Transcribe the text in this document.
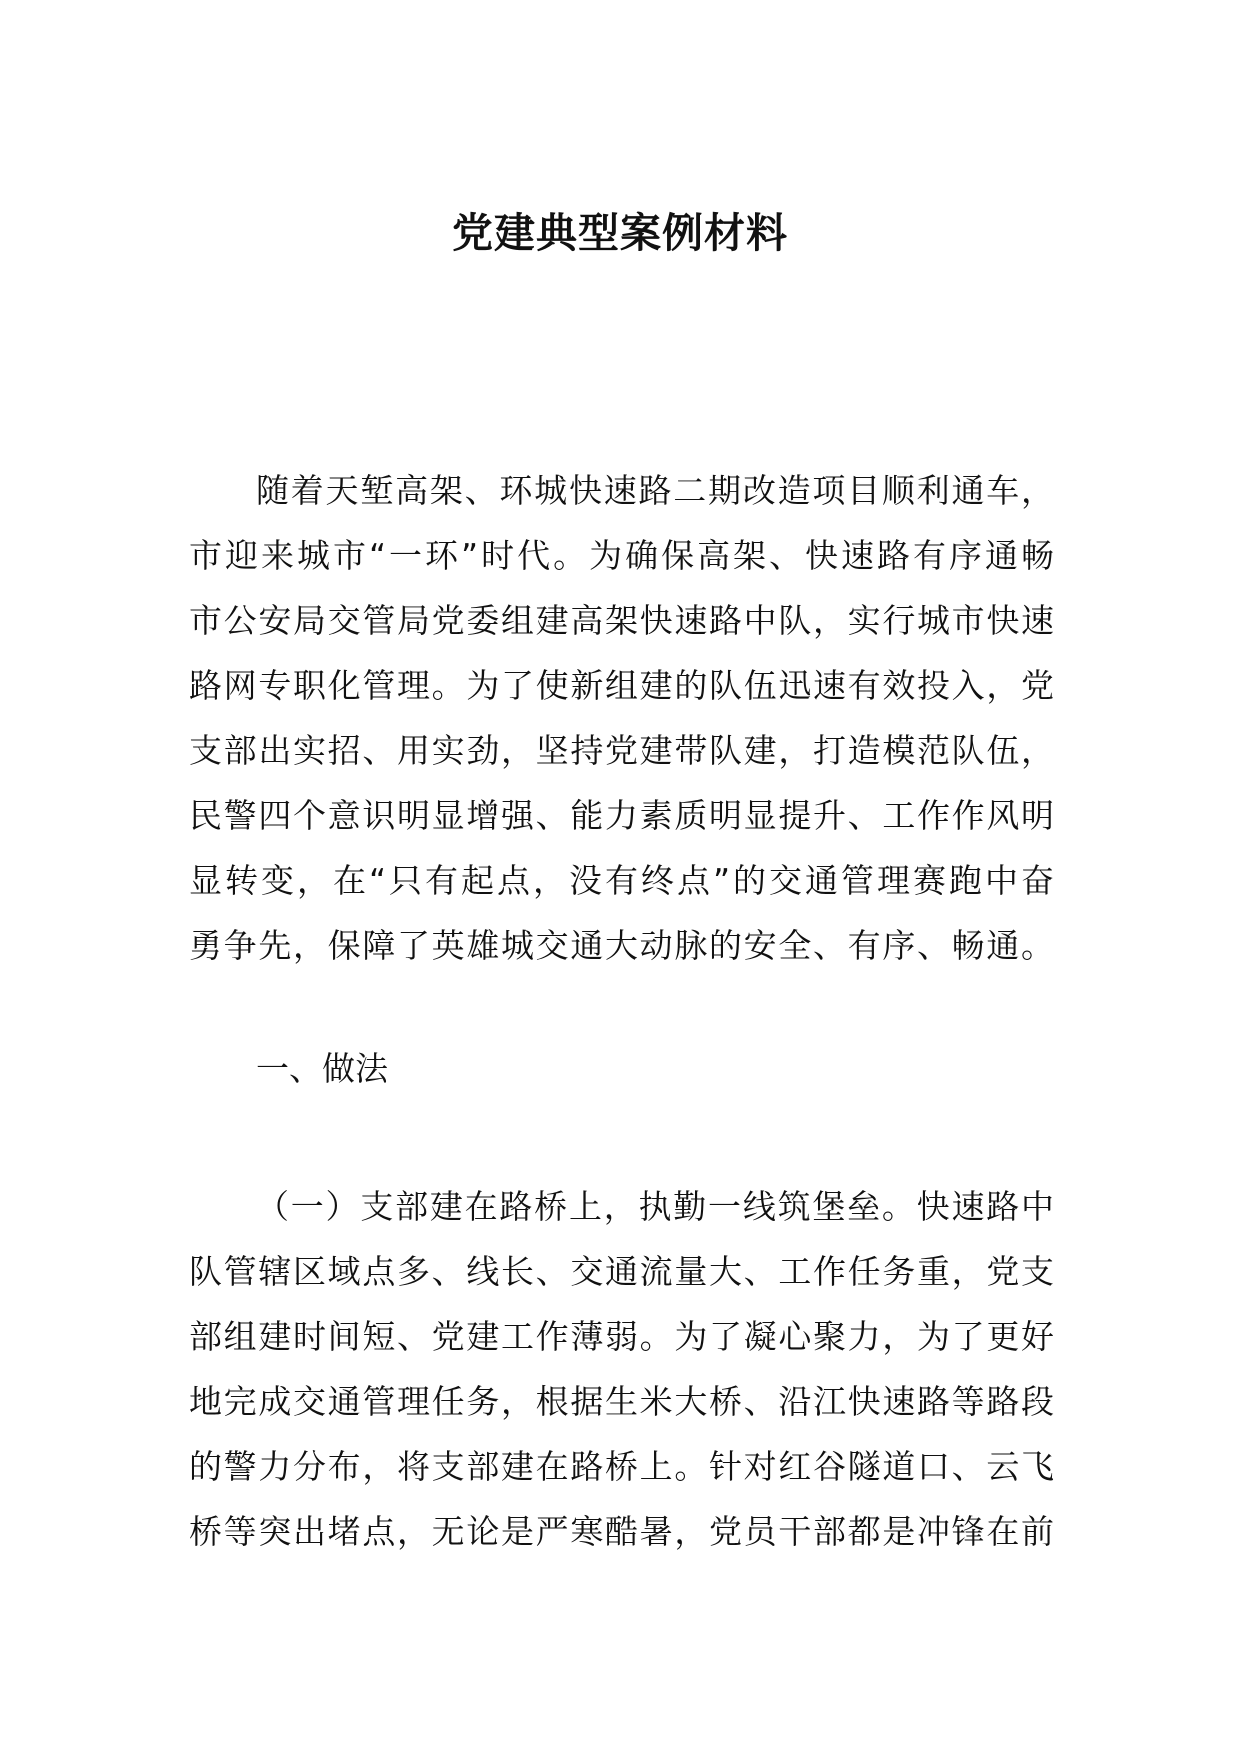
党建典型案例材料
随着天堑高架、环城快速路二期改造项目顺利通车，
市迎来城市“一环”时代。为确保高架、快速路有序通畅
市公安局交管局党委组建高架快速路中队，实行城市快速
路网专职化管理。为了使新组建的队伍迅速有效投入，党
支部出实招、用实劲，坚持党建带队建，打造模范队伍，
民警四个意识明显增强、能力素质明显提升、工作作风明
显转变，在“只有起点，没有终点”的交通管理赛跑中奋
勇争先，保障了英雄城交通大动脉的安全、有序、畅通。
一、做法
（一）支部建在路桥上，执勤一线筑堡垒。快速路中
队管辖区域点多、线长、交通流量大、工作任务重，党支
部组建时间短、党建工作薄弱。为了凝心聚力，为了更好
地完成交通管理任务，根据生米大桥、沿江快速路等路段
的警力分布，将支部建在路桥上。针对红谷隧道口、云飞
桥等突出堵点，无论是严寒酷暑，党员干部都是冲锋在前
